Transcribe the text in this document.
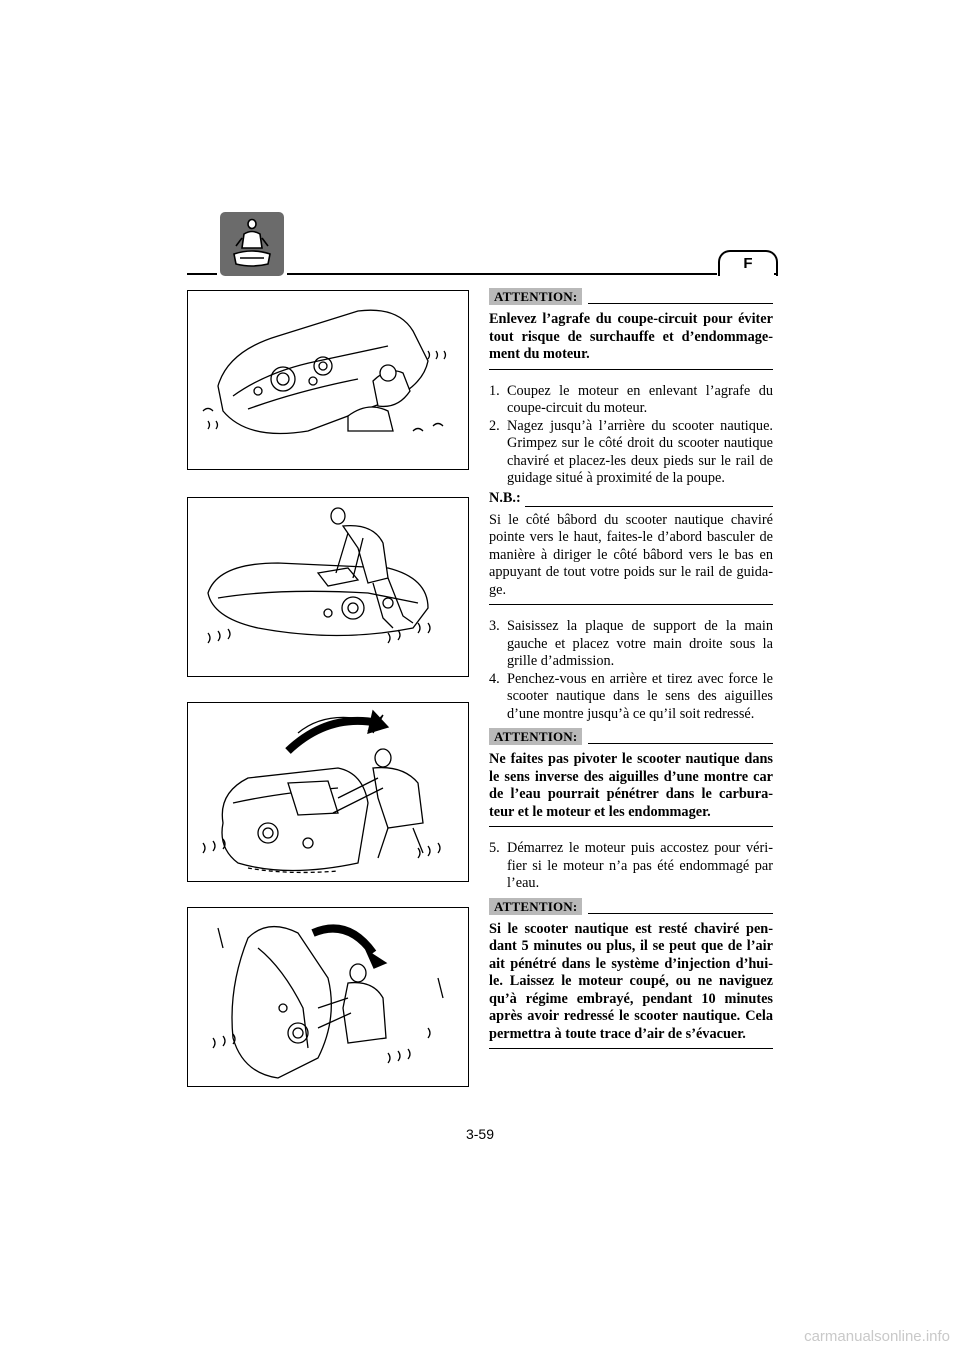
F
ATTENTION:
Enlevez l’agrafe du coupe-circuit pour éviter tout risque de surchauffe et d’endommage-ment du moteur.
1. Coupez le moteur en enlevant l’agrafe du coupe-circuit du moteur.
2. Nagez jusqu’à l’arrière du scooter nautique. Grimpez sur le côté droit du scooter nautique chaviré et placez-les deux pieds sur le rail de guidage situé à proximité de la poupe.
N.B.:
Si le côté bâbord du scooter nautique chaviré pointe vers le haut, faites-le d’abord basculer de manière à diriger le côté bâbord vers le bas en appuyant de tout votre poids sur le rail de guida-ge.
3. Saisissez la plaque de support de la main gauche et placez votre main droite sous la grille d’admission.
4. Penchez-vous en arrière et tirez avec force le scooter nautique dans le sens des aiguilles d’une montre jusqu’à ce qu’il soit redressé.
ATTENTION:
Ne faites pas pivoter le scooter nautique dans le sens inverse des aiguilles d’une montre car de l’eau pourrait pénétrer dans le carbura-teur et le moteur et les endommager.
5. Démarrez le moteur puis accostez pour véri-fier si le moteur n’a pas été endommagé par l’eau.
ATTENTION:
Si le scooter nautique est resté chaviré pen-dant 5 minutes ou plus, il se peut que de l’air ait pénétré dans le système d’injection d’hui-le. Laissez le moteur coupé, ou ne naviguez qu’à régime embrayé, pendant 10 minutes après avoir redressé le scooter nautique. Cela permettra à toute trace d’air de s’évacuer.
3-59
carmanualsonline.info
